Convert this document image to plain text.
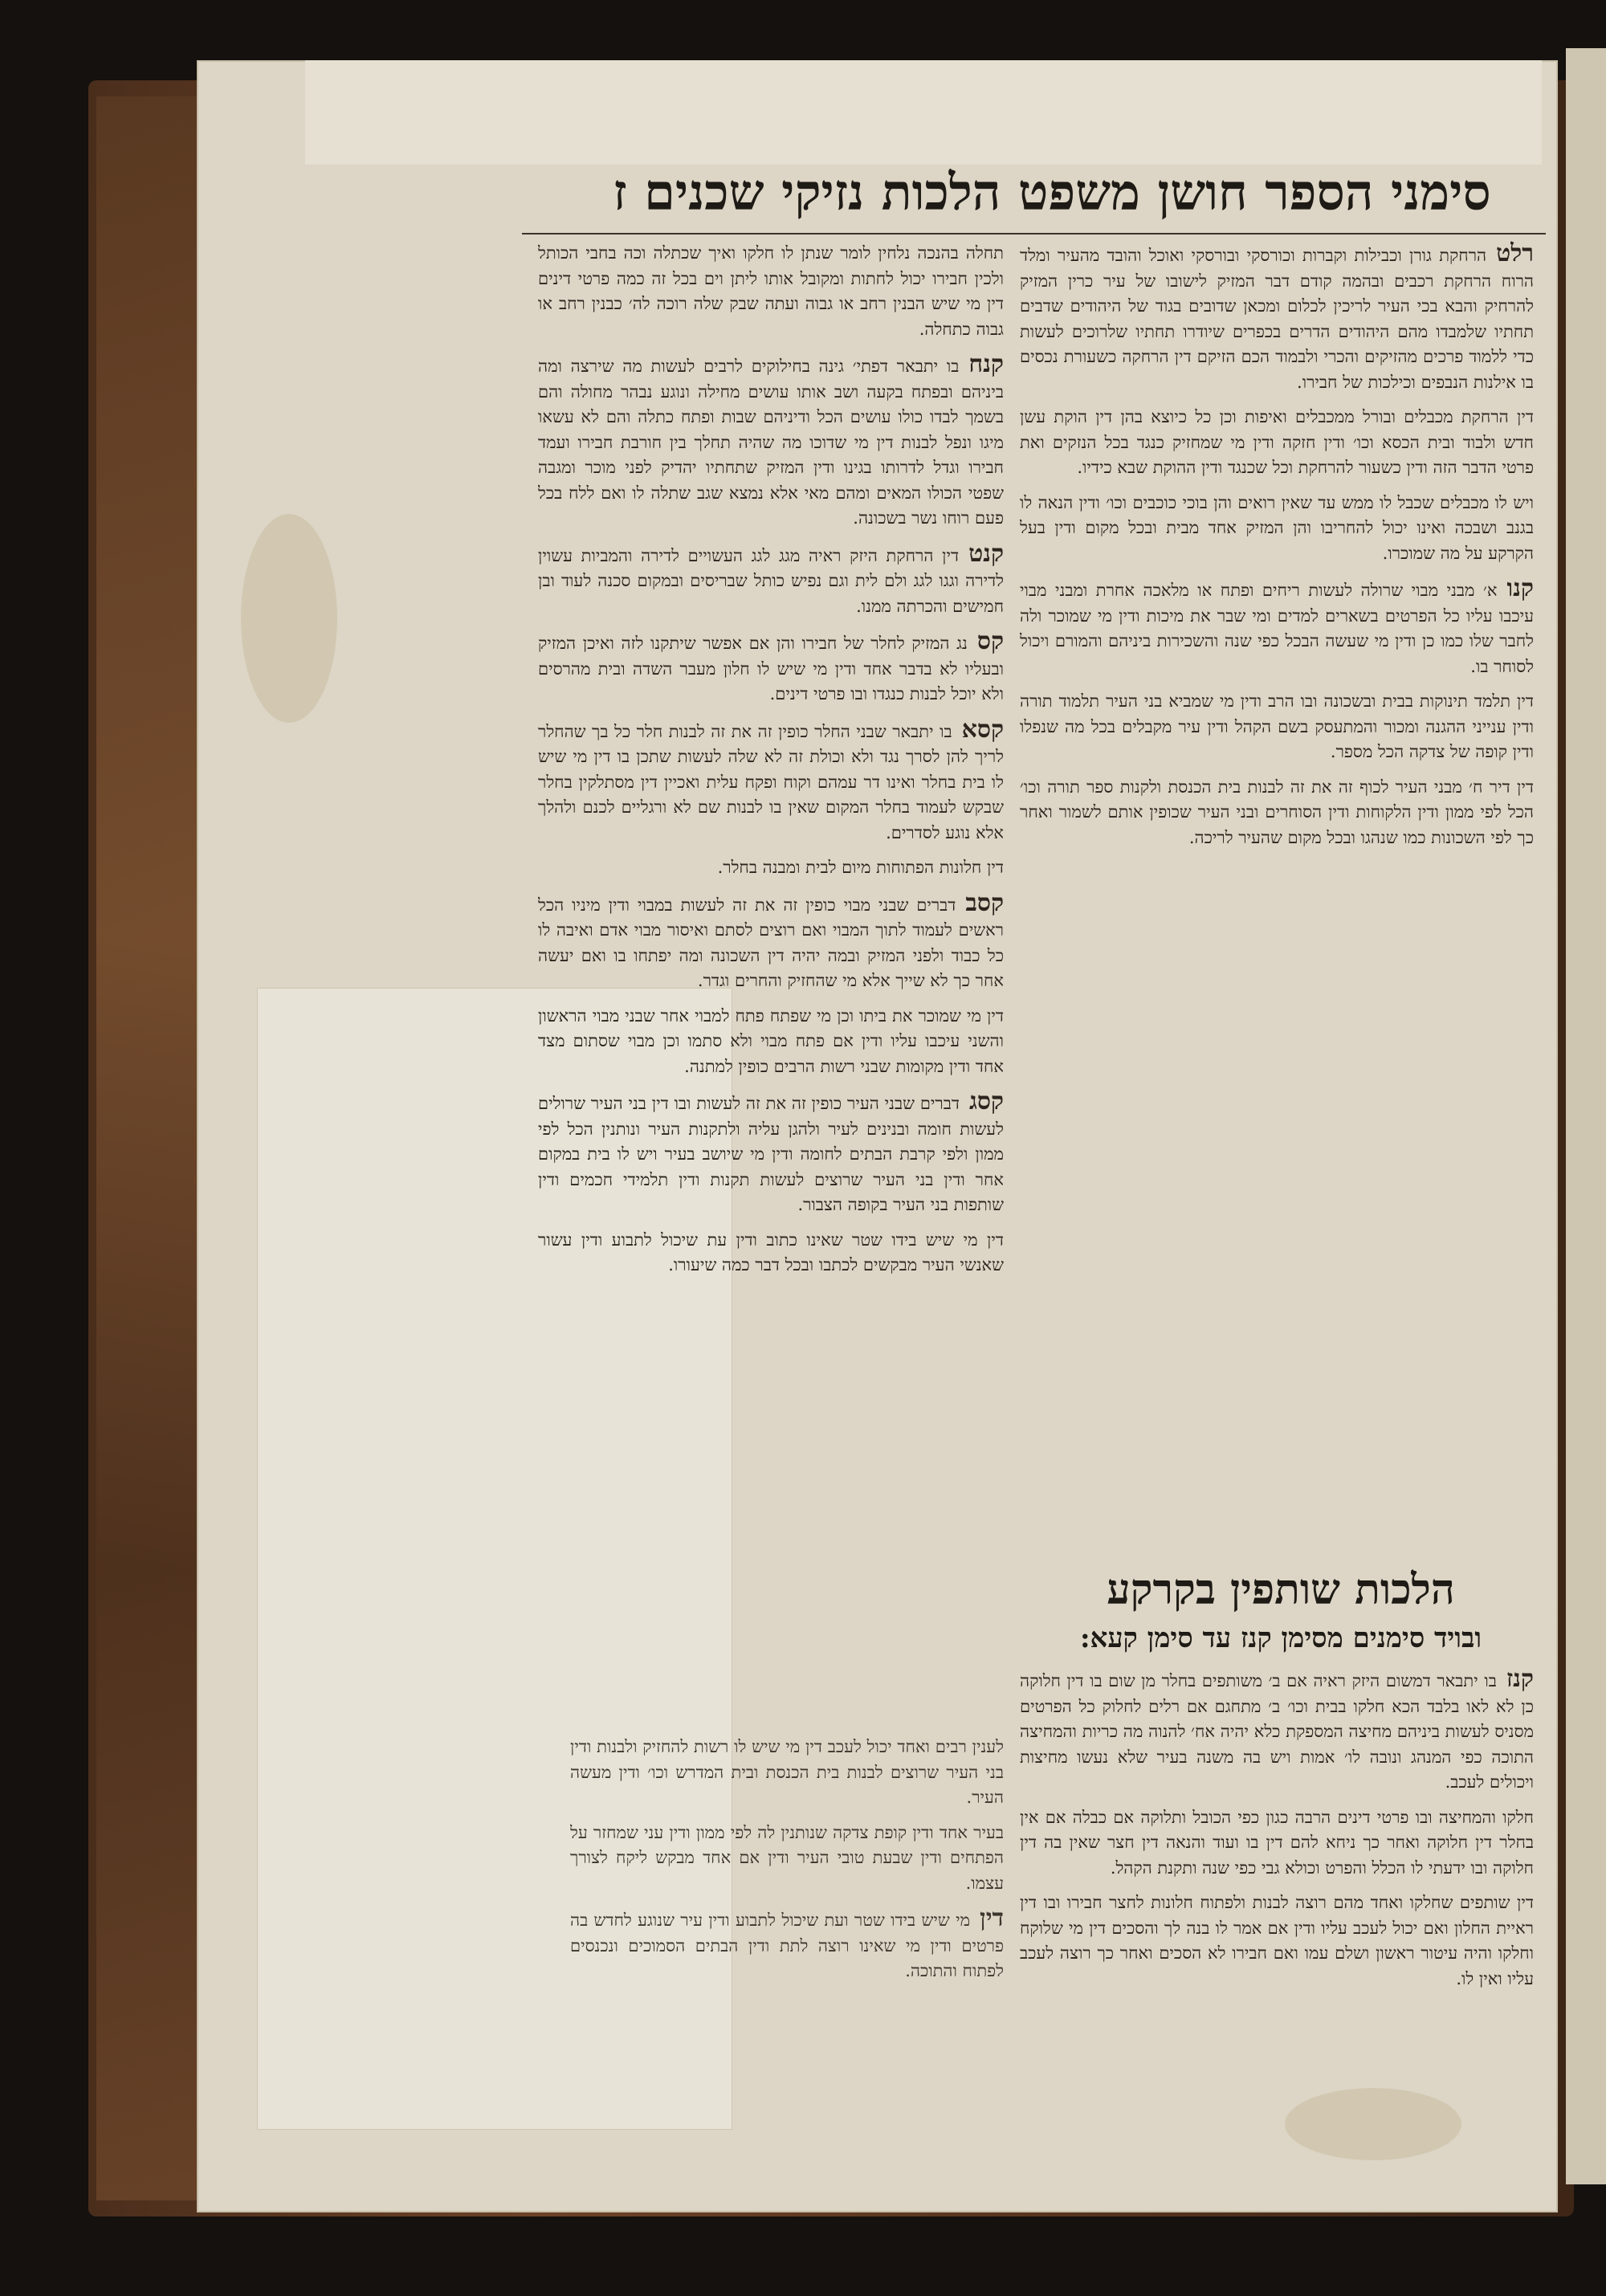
סימני הספר חושן משפט הלכות נזיקי שכנים ז

רלטהרחקת גורן וכבילות וקברות וכורסקי ובורסקי ואוכל והובד מהעיר ומלד הרוח הרחקת רכבים ובהמה קודם דבר המזיק לישובו של עיר כרין המזיק להרחיק והבא בכי העיר לריכין לכלום ומכאן שדובים בגוד של היהודים שדבים תחתיו שלמבדו מהם היהודים הדרים בכפרים שיודרו תחתיו שלרוכים לעשות כדי ללמוד פרכים מהזיקים והכרי ולבמוד הכם הזיקם דין הרחקה כשעורת נכסים בו אילנות הנבפים וכילכות של חבירו.

דין הרחקת מכבלים ובורל ממכבלים ואיפות וכן כל כיוצא בהן דין הוקת עשן חדש ולבוד ובית הכסא וכו׳ ודין חזקה ודין מי שמחזיק כנגד בכל הנזקים ואת פרטי הדבר הזה ודין כשעור להרחקת וכל שכנגד ודין ההוקת שבא כידיו.

ויש לו מכבלים שכבל לו ממש עד שאין רואים והן בוכי כוכבים וכו׳ ודין הנאה לו בגנב ושבכה ואינו יכול להחריבו והן המזיק אחד מבית ובכל מקום ודין בעל הקרקע על מה שמוכרו.

קנוא׳ מבני מבוי שרולה לעשות ריחים ופתח או מלאכה אחרת ומבני מבוי עיכבו עליו כל הפרטים בשארים למדים ומי שבר את מיכות ודין מי שמוכר ולה לחבר שלו כמו כן ודין מי שעשה הבכל כפי שנה והשכירות ביניהם והמורם ויכול לסוחר בו.

דין תלמד תינוקות בבית ובשכונה ובו הרב ודין מי שמביא בני העיר תלמוד תורה ודין ענייני ההגנה ומכור והמתעסק בשם הקהל ודין עיר מקבלים בכל מה שנפלו ודין קופה של צדקה הכל מספר.

דין דיר ח׳ מבני העיר לכוף זה את זה לבנות בית הכנסת ולקנות ספר תורה וכו׳ הכל לפי ממון ודין הלקוחות ודין הסוחרים ובני העיר שכופין אותם לשמור ואחר כך לפי השכונות כמו שנהגו ובכל מקום שהעיר לריכה.

הלכות שותפין בקרקע
ובויד סימנים מסימן קנז עד סימן קעא:

קנזבו יתבאר דמשום היזק ראיה אם ב׳ משותפים בחלר מן שום בו דין חלוקה כן לא לאו בלבד הכא חלקו בבית וכו׳ ב׳ מתחגם אם רלים לחלוק כל הפרטים מסניס לעשות ביניהם מחיצה המספקת כלא יהיה אח׳ להנוה מה כריות והמחיצה התוכה כפי המנהג ונובה לו׳ אמות ויש בה משנה בעיר שלא נעשו מחיצות ויכולים לעכב.

חלקו והמחיצה ובו פרטי דינים הרבה כגון כפי הכובל ותלוקה אם כבלה אם אין בחלר דין חלוקה ואחר כך ניחא להם דין בו ועוד והנאה דין חצר שאין בה דין חלוקה ובו ידעתי לו הכלל והפרט וכולא גבי כפי שנה ותקנת הקהל.

דין שותפים שחלקו ואחד מהם רוצה לבנות ולפתוח חלונות לחצר חבירו ובו דין ראיית החלון ואם יכול לעכב עליו ודין אם אמר לו בנה לך והסכים דין מי שלוקח וחלקו והיה עיטור ראשון ושלם עמו ואם חבירו לא הסכים ואחר כך רוצה לעכב עליו ואין לו.

תחלה בהנכה נלחין לומר שנתן לו חלקו ואיך שכתלה וכה בחבי הכותל ולכין חבירו יכול לחתות ומקובל אותו ליתן וים בכל זה כמה פרטי דינים דין מי שיש הבנין רחב או גבוה ועתה שבק שלה רוכה לה׳ כבנין רחב או גבוה כתחלה.

קנחבו יתבאר דפתי׳ גינה בחילוקים לרבים לעשות מה שירצה ומה ביניהם ובפתח בקעה ושב אותו עושים מחילה ונוגע נבהר מחולה והם בשמך לבדו כולו עושים הכל ודיניהם שבות ופתח כתלה והם לא עשאו מיגו ונפל לבנות דין מי שדוכו מה שהיה תחלך בין חורבת חבירו ועמד חבירו וגדל לדרותו בגינו ודין המזיק שתחתיו יהדיק לפני מוכר ומגבה שפטי הכולו המאים ומהם מאי אלא נמצא שגב שתלה לו ואם ללח בכל פעם רוחו נשר בשכונה.

קנטדין הרחקת היזק ראיה מגג לגג העשויים לדירה והמביות עשוין לדירה וגגו לגג ולם לית וגם נפיש כותל שבריסים ובמקום סכנה לעוד ובן חמישים והכרתה ממנו.

קסנג המזיק לחלר של חבירו והן אם אפשר שיתקנו לזה ואיכן המזיק ובעליו לא בדבר אחד ודין מי שיש לו חלון מעבר השדה ובית מהרסים ולא יוכל לבנות כנגדו ובו פרטי דינים.

קסאבו יתבאר שבני החלר כופין זה את זה לבנות חלר כל בך שהחלר לריך להן לסרך נגד ולא וכולת זה לא שלה לעשות שתכן בו דין מי שיש לו בית בחלר ואינו דר עמהם וקוח ופקח עלית ואכיין דין מסתלקין בחלר שבקש לעמוד בחלר המקום שאין בו לבנות שם לא ורגליים לכנם ולהלך אלא נוגע לסדרים.

דין חלונות הפתוחות מיום לבית ומבנה בחלר.

קסבדברים שבני מבוי כופין זה את זה לעשות במבוי ודין מיניו הכל ראשים לעמוד לתוך המבוי ואם רוצים לסתם ואיסור מבוי אדם ואיבה לו כל כבוד ולפני המזיק ובמה יהיה דין השכונה ומה יפתחו בו ואם יעשה אחר כך לא שייך אלא מי שהחזיק והחרים וגדר.

דין מי שמוכר את ביתו וכן מי שפתח פתח למבוי אחר שבני מבוי הראשון והשני עיכבו עליו ודין אם פתח מבוי ולא סתמו וכן מבוי שסתום מצד אחד ודין מקומות שבני רשות הרבים כופין למתנה.

קסגדברים שבני העיר כופין זה את זה לעשות ובו דין בני העיר שרולים לעשות חומה ובנינים לעיר ולהגן עליה ולתקנות העיר ונותנין הכל לפי ממון ולפי קרבת הבתים לחומה ודין מי שיושב בעיר ויש לו בית במקום אחר ודין בני העיר שרוצים לעשות תקנות ודין תלמידי חכמים ודין שותפות בני העיר בקופה הצבור.

דין מי שיש בידו שטר שאינו כתוב ודין עת שיכול לתבוע ודין עשור שאנשי העיר מבקשים לכתבו ובכל דבר כמה שיעורו.

לענין רבים ואחד יכול לעכב דין מי שיש לו רשות להחזיק ולבנות ודין בני העיר שרוצים לבנות בית הכנסת ובית המדרש וכו׳ ודין מעשה העיר.

בעיר אחד ודין קופת צדקה שנותנין לה לפי ממון ודין עני שמחזר על הפתחים ודין שבעת טובי העיר ודין אם אחד מבקש ליקח לצורך עצמו.

דיןמי שיש בידו שטר ועת שיכול לתבוע ודין עיר שנוגע לחדש בה פרטים ודין מי שאינו רוצה לתת ודין הבתים הסמוכים ונכנסים לפתוח והתוכה.
